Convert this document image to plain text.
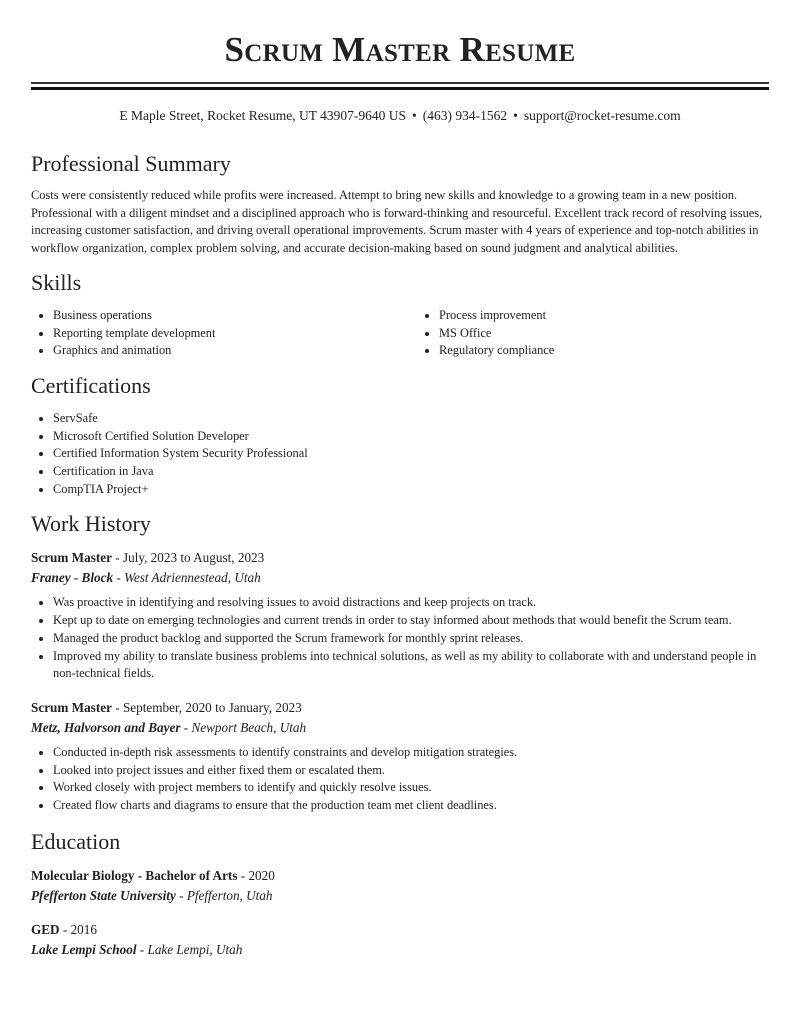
Scrum Master Resume
E Maple Street, Rocket Resume, UT 43907-9640 US • (463) 934-1562 • support@rocket-resume.com
Professional Summary

Costs were consistently reduced while profits were increased. Attempt to bring new skills and knowledge to a growing team in a new position. Professional with a diligent mindset and a disciplined approach who is forward-thinking and resourceful. Excellent track record of resolving issues, increasing customer satisfaction, and driving overall operational improvements. Scrum master with 4 years of experience and top-notch abilities in workflow organization, complex problem solving, and accurate decision-making based on sound judgment and analytical abilities.

Skills
• Business operations
• Reporting template development
• Graphics and animation
• Process improvement
• MS Office
• Regulatory compliance
Certifications
• ServSafe
• Microsoft Certified Solution Developer
• Certified Information System Security Professional
• Certification in Java
• CompTIA Project+
Work History
Scrum Master - July, 2023 to August, 2023
Franey - Block - West Adriennestead, Utah
• Was proactive in identifying and resolving issues to avoid distractions and keep projects on track.
• Kept up to date on emerging technologies and current trends in order to stay informed about methods that would benefit the Scrum team.
• Managed the product backlog and supported the Scrum framework for monthly sprint releases.
• Improved my ability to translate business problems into technical solutions, as well as my ability to collaborate with and understand people in non-technical fields.
Scrum Master - September, 2020 to January, 2023
Metz, Halvorson and Bayer - Newport Beach, Utah
• Conducted in-depth risk assessments to identify constraints and develop mitigation strategies.
• Looked into project issues and either fixed them or escalated them.
• Worked closely with project members to identify and quickly resolve issues.
• Created flow charts and diagrams to ensure that the production team met client deadlines.
Education
Molecular Biology - Bachelor of Arts - 2020
Pfefferton State University - Pfefferton, Utah
GED - 2016
Lake Lempi School - Lake Lempi, Utah
